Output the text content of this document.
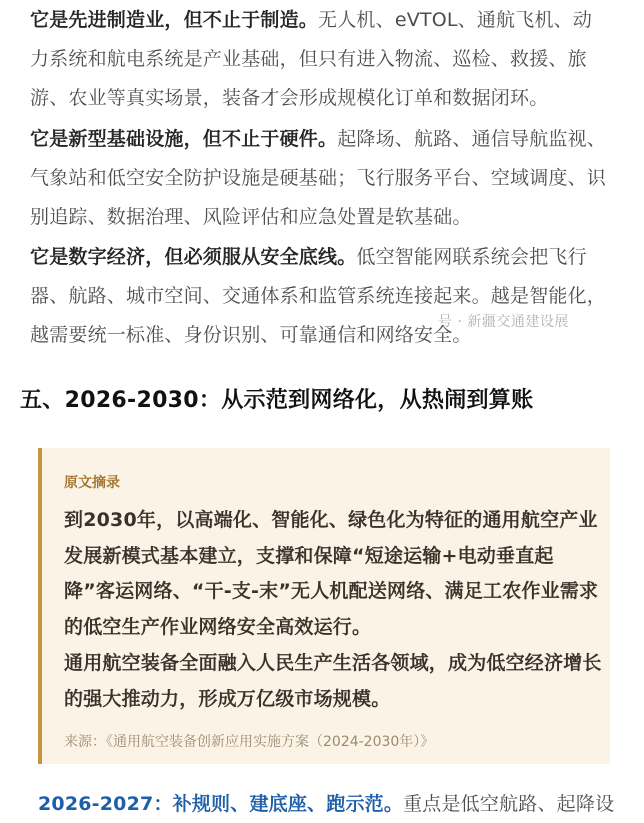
它是先进制造业，但不止于制造。无人机、eVTOL、通航飞机、动力系统和航电系统是产业基础，但只有进入物流、巡检、救援、旅游、农业等真实场景，装备才会形成规模化订单和数据闭环。

它是新型基础设施，但不止于硬件。起降场、航路、通信导航监视、气象站和低空安全防护设施是硬基础；飞行服务平台、空域调度、识别追踪、数据治理、风险评估和应急处置是软基础。

它是数字经济，但必须服从安全底线。低空智能网联系统会把飞行器、航路、城市空间、交通体系和监管系统连接起来。越是智能化，越需要统一标准、身份识别、可靠通信和网络安全。

号 · 新疆交通建设展
五、2026-2030：从示范到网络化，从热闹到算账
原文摘录

到2030年，以高端化、智能化、绿色化为特征的通用航空产业发展新模式基本建立，支撑和保障“短途运输+电动垂直起降”客运网络、“干-支-末”无人机配送网络、满足工农作业需求的低空生产作业网络安全高效运行。

通用航空装备全面融入人民生产生活各领域，成为低空经济增长的强大推动力，形成万亿级市场规模。

来源：《通用航空装备创新应用实施方案（2024-2030年）》

2026-2027：补规则、建底座、跑示范。重点是低空航路、起降设
